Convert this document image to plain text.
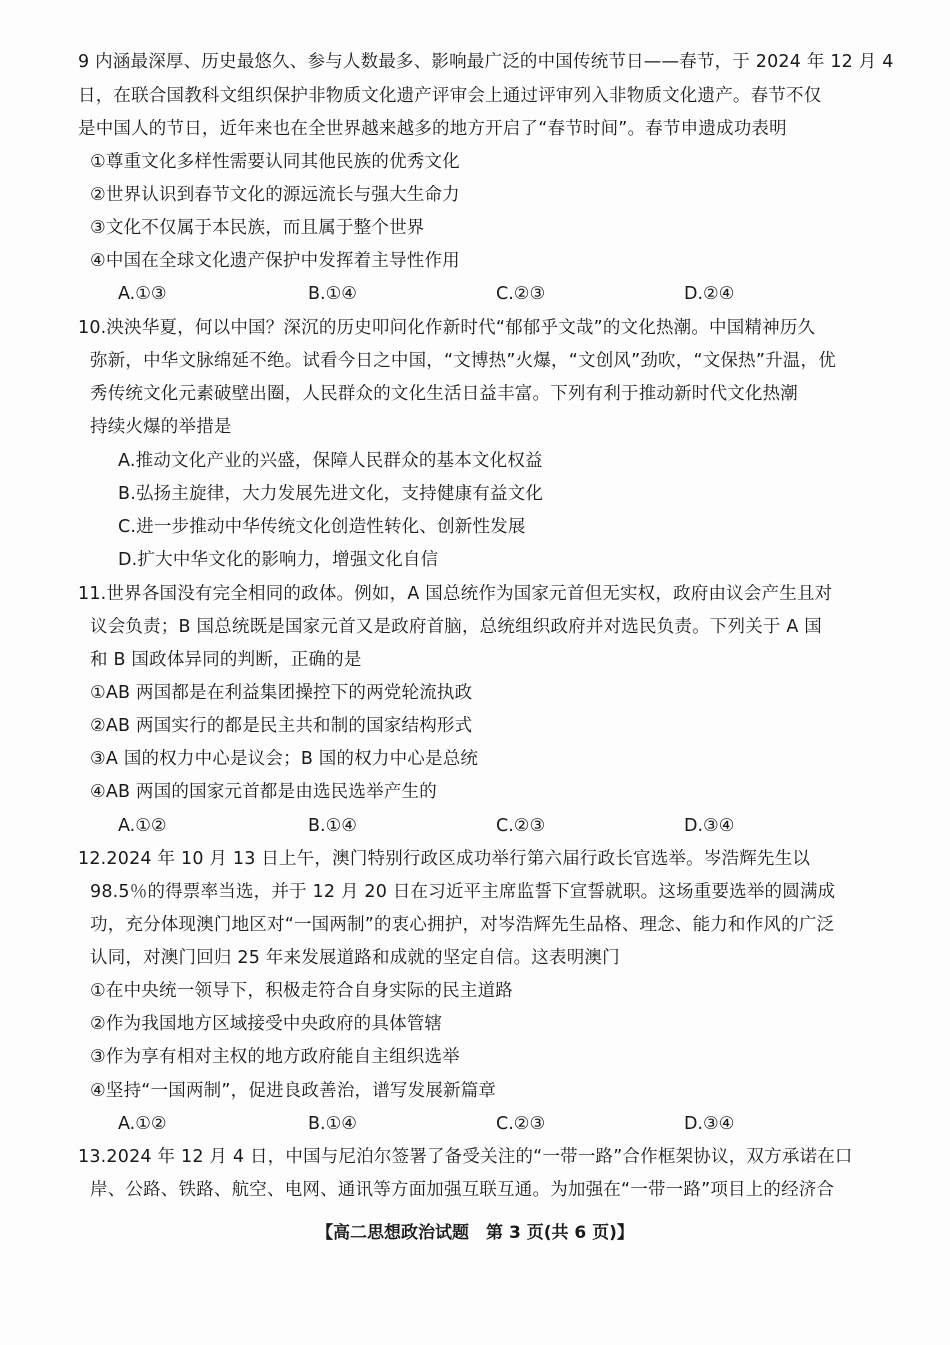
9 内涵最深厚、历史最悠久、参与人数最多、影响最广泛的中国传统节日——春节，于 2024 年 12 月 4
日，在联合国教科文组织保护非物质文化遗产评审会上通过评审列入非物质文化遗产。春节不仅
是中国人的节日，近年来也在全世界越来越多的地方开启了“春节时间”。春节申遗成功表明
①尊重文化多样性需要认同其他民族的优秀文化
②世界认识到春节文化的源远流长与强大生命力
③文化不仅属于本民族，而且属于整个世界
④中国在全球文化遗产保护中发挥着主导性作用
A.①③	B.①④	C.②③	D.②④
10.泱泱华夏，何以中国？深沉的历史叩问化作新时代“郁郁乎文哉”的文化热潮。中国精神历久
弥新，中华文脉绵延不绝。试看今日之中国，“文博热”火爆，“文创风”劲吹，“文保热”升温，优
秀传统文化元素破壁出圈，人民群众的文化生活日益丰富。下列有利于推动新时代文化热潮
持续火爆的举措是
A.推动文化产业的兴盛，保障人民群众的基本文化权益
B.弘扬主旋律，大力发展先进文化，支持健康有益文化
C.进一步推动中华传统文化创造性转化、创新性发展
D.扩大中华文化的影响力，增强文化自信
11.世界各国没有完全相同的政体。例如，A 国总统作为国家元首但无实权，政府由议会产生且对
议会负责；B 国总统既是国家元首又是政府首脑，总统组织政府并对选民负责。下列关于 A 国
和 B 国政体异同的判断，正确的是
①AB 两国都是在利益集团操控下的两党轮流执政
②AB 两国实行的都是民主共和制的国家结构形式
③A 国的权力中心是议会；B 国的权力中心是总统
④AB 两国的国家元首都是由选民选举产生的
A.①②	B.①④	C.②③	D.③④
12.2024 年 10 月 13 日上午，澳门特别行政区成功举行第六届行政长官选举。岑浩辉先生以
98.5％的得票率当选，并于 12 月 20 日在习近平主席监誓下宣誓就职。这场重要选举的圆满成
功，充分体现澳门地区对“一国两制”的衷心拥护，对岑浩辉先生品格、理念、能力和作风的广泛
认同，对澳门回归 25 年来发展道路和成就的坚定自信。这表明澳门
①在中央统一领导下，积极走符合自身实际的民主道路
②作为我国地方区域接受中央政府的具体管辖
③作为享有相对主权的地方政府能自主组织选举
④坚持“一国两制”，促进良政善治，谱写发展新篇章
A.①②	B.①④	C.②③	D.③④
13.2024 年 12 月 4 日，中国与尼泊尔签署了备受关注的“一带一路”合作框架协议，双方承诺在口
岸、公路、铁路、航空、电网、通讯等方面加强互联互通。为加强在“一带一路”项目上的经济合
【高二思想政治试题　第 3 页(共 6 页)】
